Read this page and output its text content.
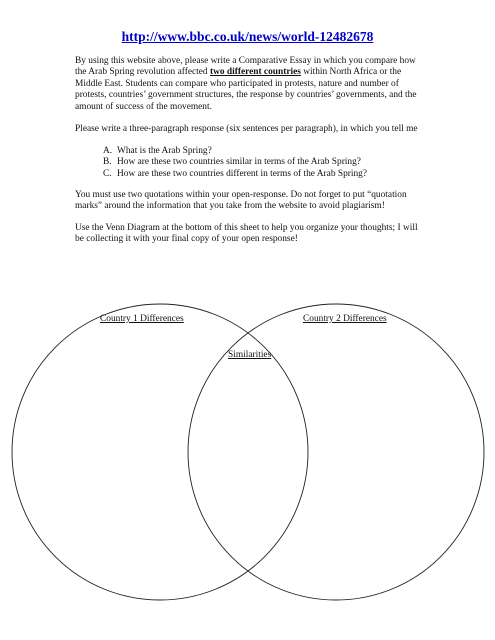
http://www.bbc.co.uk/news/world-12482678
By using this website above, please write a Comparative Essay in which you compare how the Arab Spring revolution affected two different countries within North Africa or the Middle East. Students can compare who participated in protests, nature and number of protests, countries’ government structures, the response by countries’ governments, and the amount of success of the movement.
Please write a three-paragraph response (six sentences per paragraph), in which you tell me
A. What is the Arab Spring?
B. How are these two countries similar in terms of the Arab Spring?
C. How are these two countries different in terms of the Arab Spring?
You must use two quotations within your open-response. Do not forget to put “quotation marks” around the information that you take from the website to avoid plagiarism!
Use the Venn Diagram at the bottom of this sheet to help you organize your thoughts; I will be collecting it with your final copy of your open response!
Country 1 Differences	Country 2 Differences
Similarities
